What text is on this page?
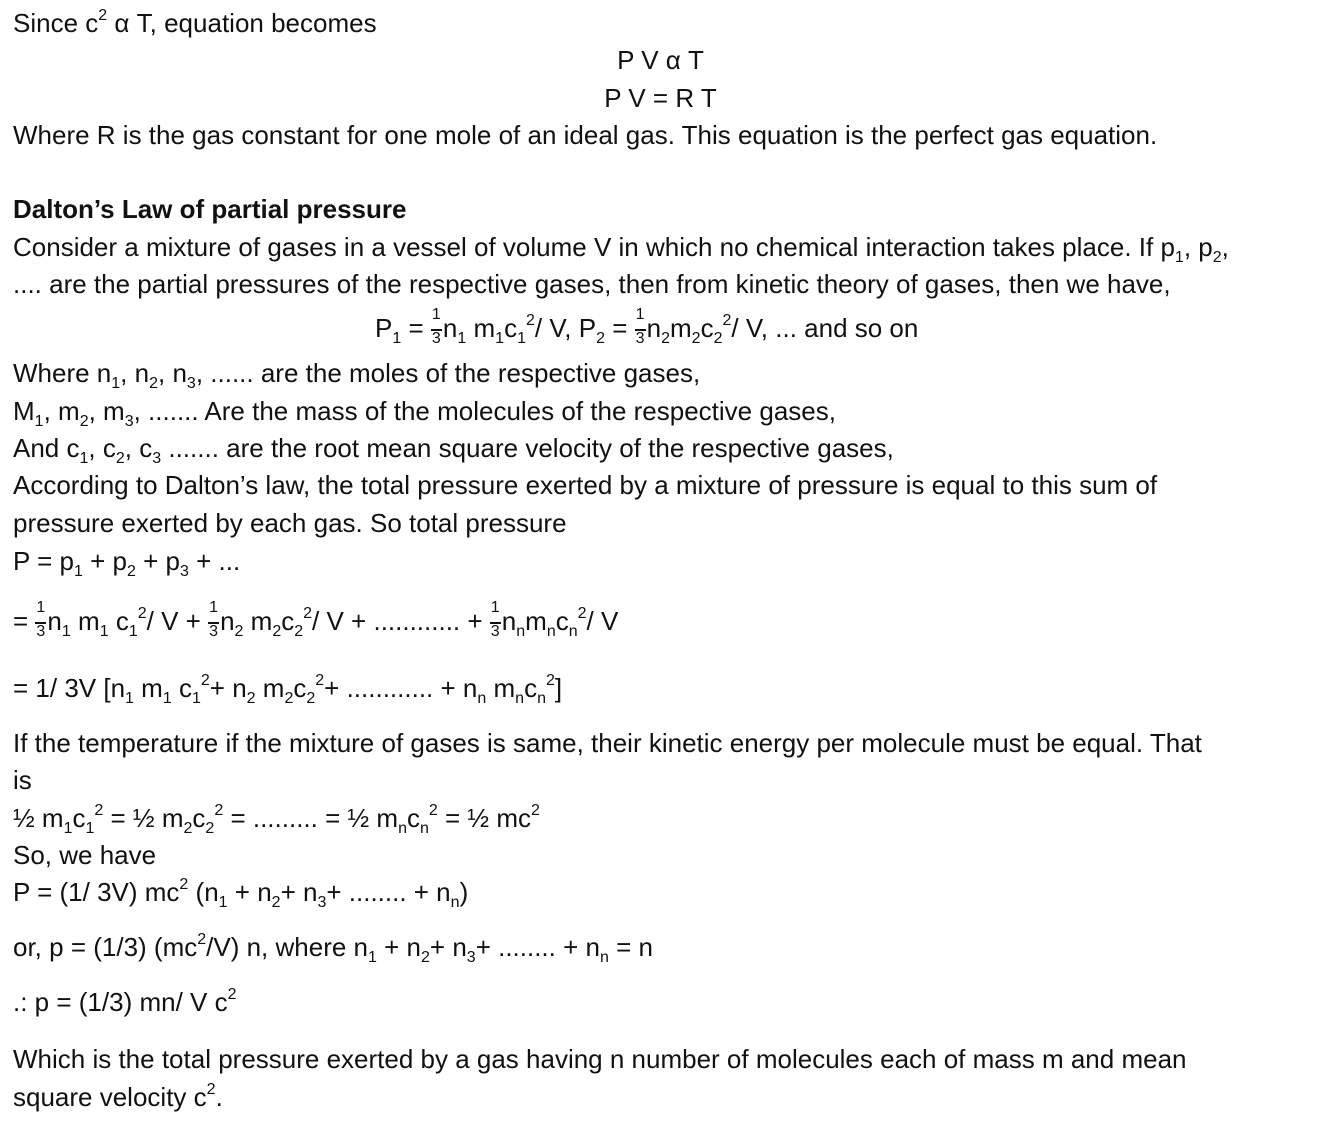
Since $c^2$ α T, equation becomes
P V α T
P V = R T
Where R is the gas constant for one mole of an ideal gas. This equation is the perfect gas equation.
Dalton’s Law of partial pressure
Consider a mixture of gases in a vessel of volume V in which no chemical interaction takes place. If $p_1$, $p_2$,
.... are the partial pressures of the respective gases, then from kinetic theory of gases, then we have,
$P_1 = \frac{1}{3} n_1$ $m_1c_1^2/$ V, $P_2 = \frac{1}{3} n_2m_2c_2^2/$ V, ... and so on
Where $n_1$, $n_2$, $n_3$, ...... are the moles of the respective gases,
$M_1$, $m_2$, $m_3$, ....... Are the mass of the molecules of the respective gases,
And $c_1$, $c_2$, $c_3$ ....... are the root mean square velocity of the respective gases,
According to Dalton’s law, the total pressure exerted by a mixture of pressure is equal to this sum of
pressure exerted by each gas. So total pressure
$P = p_1 + p_2 + p_3$ + ...
= $\frac{1}{3} n_1$ $m_1$ $c_1^2/$ $V + \frac{1}{3} n_2$ $m_2c_2^2/$ V + ............ + $\frac{1}{3} n_nm_nc_n^2/$ V
= 1/ 3V [$n_1$ $m_1$ $c_1^2+ n_2$ $m_2c_2^2+$ ............ + $n_n$ $m_nc_n^2$]
If the temperature if the mixture of gases is same, their kinetic energy per molecule must be equal. That
is
½ $m_1c_1^2$ = ½ $m_2c_2^2$ = ......... = ½ $m_nc_n^2$ = ½ $mc^2$
So, we have
P = (1/ 3V) $mc^2$ ($n_1 + n_2+ n_3+$ ........ + $n_n$)
or, p = (1/3) $(mc^2/V)$ n, where $n_1 + n_2+ n_3+$ ........ + $n_n = n$
.: p = (1/3) mn/ V $c^2$
Which is the total pressure exerted by a gas having n number of molecules each of mass m and mean
square velocity $c^2$.
